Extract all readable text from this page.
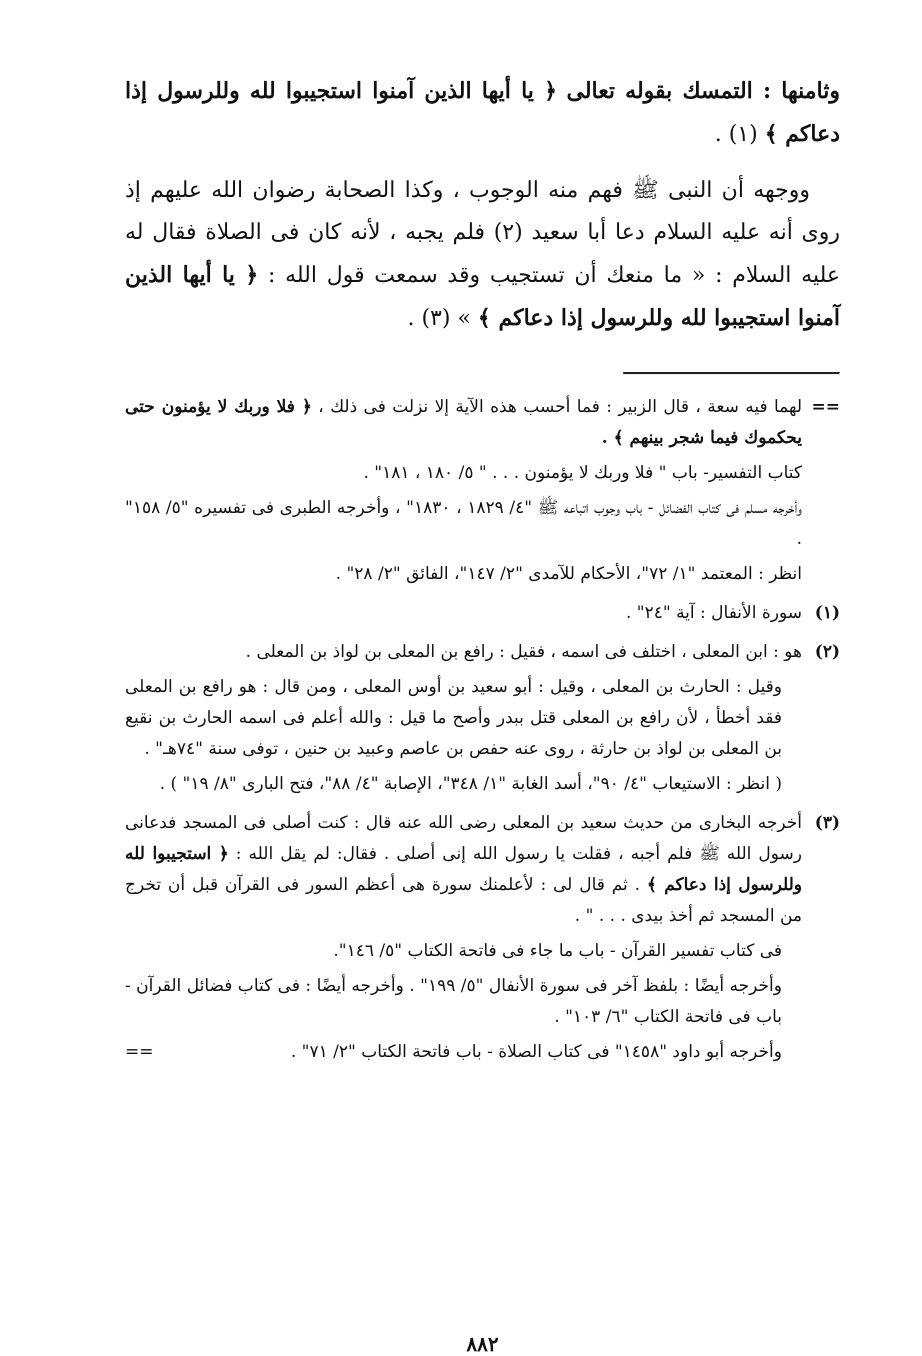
وثامنها : التمسك بقوله تعالى ﴿ يا أيها الذين آمنوا استجيبوا لله وللرسول إذا دعاكم ﴾ (١) .

ووجهه أن النبى ﷺ فهم منه الوجوب ، وكذا الصحابة رضوان الله عليهم إذ روى أنه عليه السلام دعا أبا سعيد (٢) فلم يجبه ، لأنه كان فى الصلاة فقال له عليه السلام : « ما منعك أن تستجيب وقد سمعت قول الله : ﴿ يا أيها الذين آمنوا استجيبوا لله وللرسول إذا دعاكم ﴾ » (٣) .

==

لهما فيه سعة ، قال الزبير : فما أحسب هذه الآية إلا نزلت فى ذلك ، ﴿ فلا وربك لا يؤمنون حتى يحكموك فيما شجر بينهم ﴾ .

كتاب التفسير- باب " فلا وربك لا يؤمنون . . . " ٥/ ١٨٠ ، ١٨١" .

وأخرجه مسلم فى كتاب الفضائل - باب وجوب اتباعه ﷺ "٤/ ١٨٢٩ ، ١٨٣٠" ، وأخرجه الطبرى فى تفسيره "٥/ ١٥٨" .

انظر : المعتمد "١/ ٧٢"، الأحكام للآمدى "٢/ ١٤٧"، الفائق "٢/ ٢٨" .

(١)

سورة الأنفال : آية "٢٤" .

(٢)

هو : ابن المعلى ، اختلف فى اسمه ، فقيل : رافع بن المعلى بن لواذ بن المعلى .

وقيل : الحارث بن المعلى ، وقيل : أبو سعيد بن أوس المعلى ، ومن قال : هو رافع بن المعلى فقد أخطأ ، لأن رافع بن المعلى قتل ببدر وأصح ما قيل : والله أعلم فى اسمه الحارث بن نقيع بن المعلى بن لواذ بن حارثة ، روى عنه حفص بن عاصم وعبيد بن حنين ، توفى سنة "٧٤هـ" .

( انظر : الاستيعاب "٤/ ٩٠"، أسد الغابة "١/ ٣٤٨"، الإصابة "٤/ ٨٨"، فتح البارى "٨/ ١٩" ) .

(٣)

أخرجه البخارى من حديث سعيد بن المعلى رضى الله عنه قال : كنت أصلى فى المسجد فدعانى رسول الله ﷺ فلم أجبه ، فقلت يا رسول الله إنى أصلى . فقال: لم يقل الله : ﴿ استجيبوا لله وللرسول إذا دعاكم ﴾ . ثم قال لى : لأعلمنك سورة هى أعظم السور فى القرآن قبل أن تخرج من المسجد ثم أخذ بيدى . . . " .

فى كتاب تفسير القرآن - باب ما جاء فى فاتحة الكتاب "٥/ ١٤٦".

وأخرجه أيضًا : بلفظ آخر فى سورة الأنفال "٥/ ١٩٩" . وأخرجه أيضًا : فى كتاب فضائل القرآن - باب فى فاتحة الكتاب "٦/ ١٠٣" .

وأخرجه أبو داود "١٤٥٨" فى كتاب الصلاة - باب فاتحة الكتاب "٢/ ٧١" .
==

٨٨٢
